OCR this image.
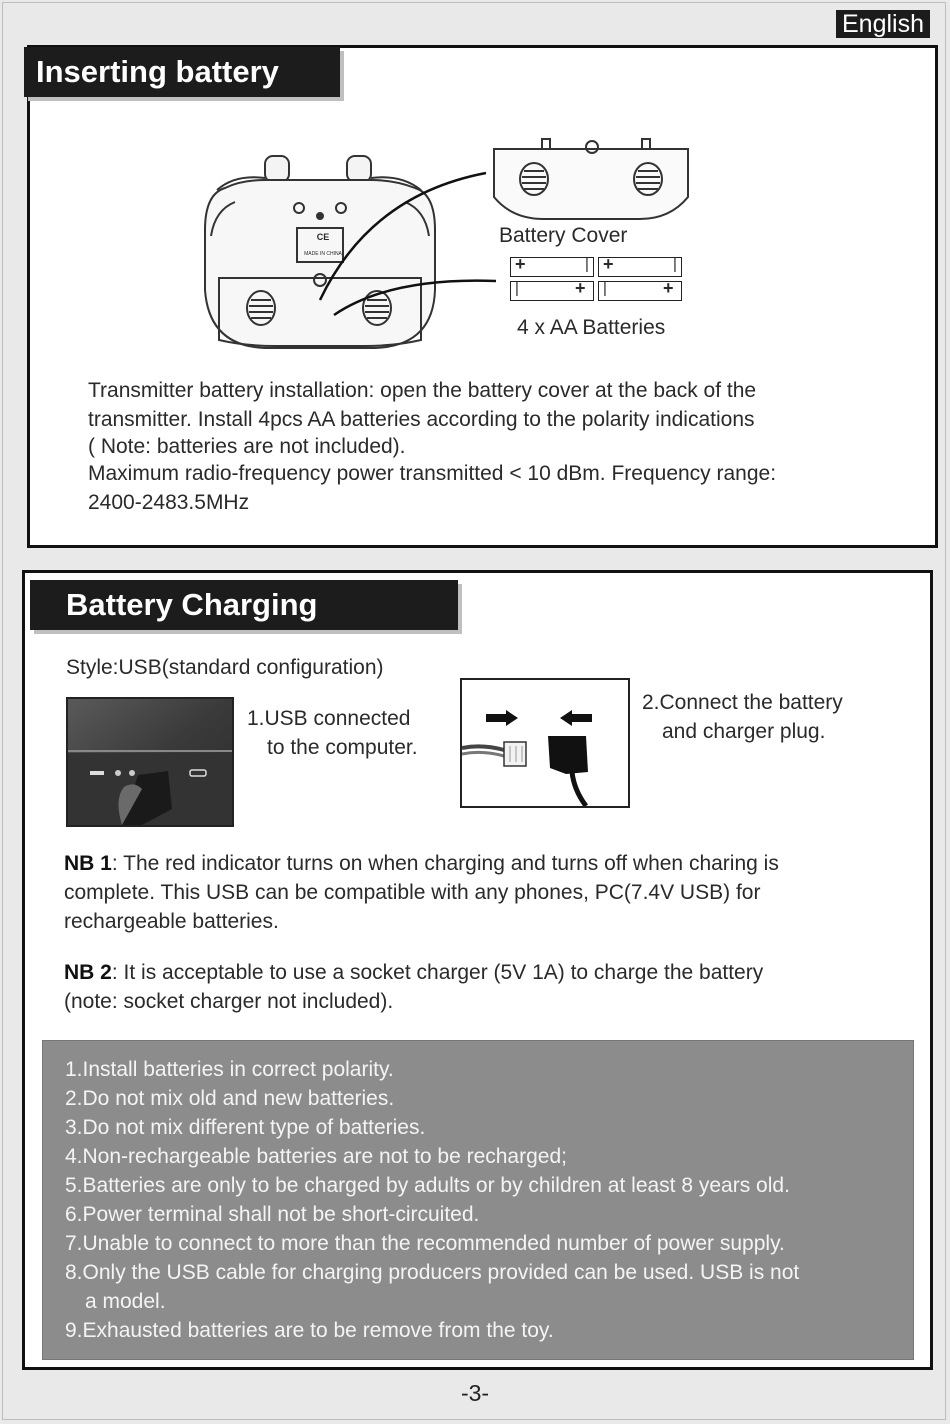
English
Inserting battery
CE
MADE IN CHINA
Battery Cover
+	| +	|
|	+ |	+
4 x AA Batteries
Transmitter battery installation: open the battery cover at the back of the
transmitter. Install 4pcs AA batteries according to the polarity indications
( Note: batteries are not included).
Maximum radio-frequency power transmitted < 10 dBm. Frequency range:
2400-2483.5MHz
Battery Charging
Style:USB(standard configuration)
1.USB connected
to the computer.
2.Connect the battery
and charger plug.
NB 1: The red indicator turns on when charging and turns off when charing is
complete. This USB can be compatible with any phones, PC(7.4V USB) for
rechargeable batteries.
NB 2: It is acceptable to use a socket charger (5V 1A) to charge the battery
(note: socket charger not included).
1.Install batteries in correct polarity.
2.Do not mix old and new batteries.
3.Do not mix different type of batteries.
4.Non-rechargeable batteries are not to be recharged;
5.Batteries are only to be charged by adults or by children at least 8 years old.
6.Power terminal shall not be short-circuited.
7.Unable to connect to more than the recommended number of power supply.
8.Only the USB cable for charging producers provided can be used. USB is not
a model.
9.Exhausted batteries are to be remove from the toy.
-3-
